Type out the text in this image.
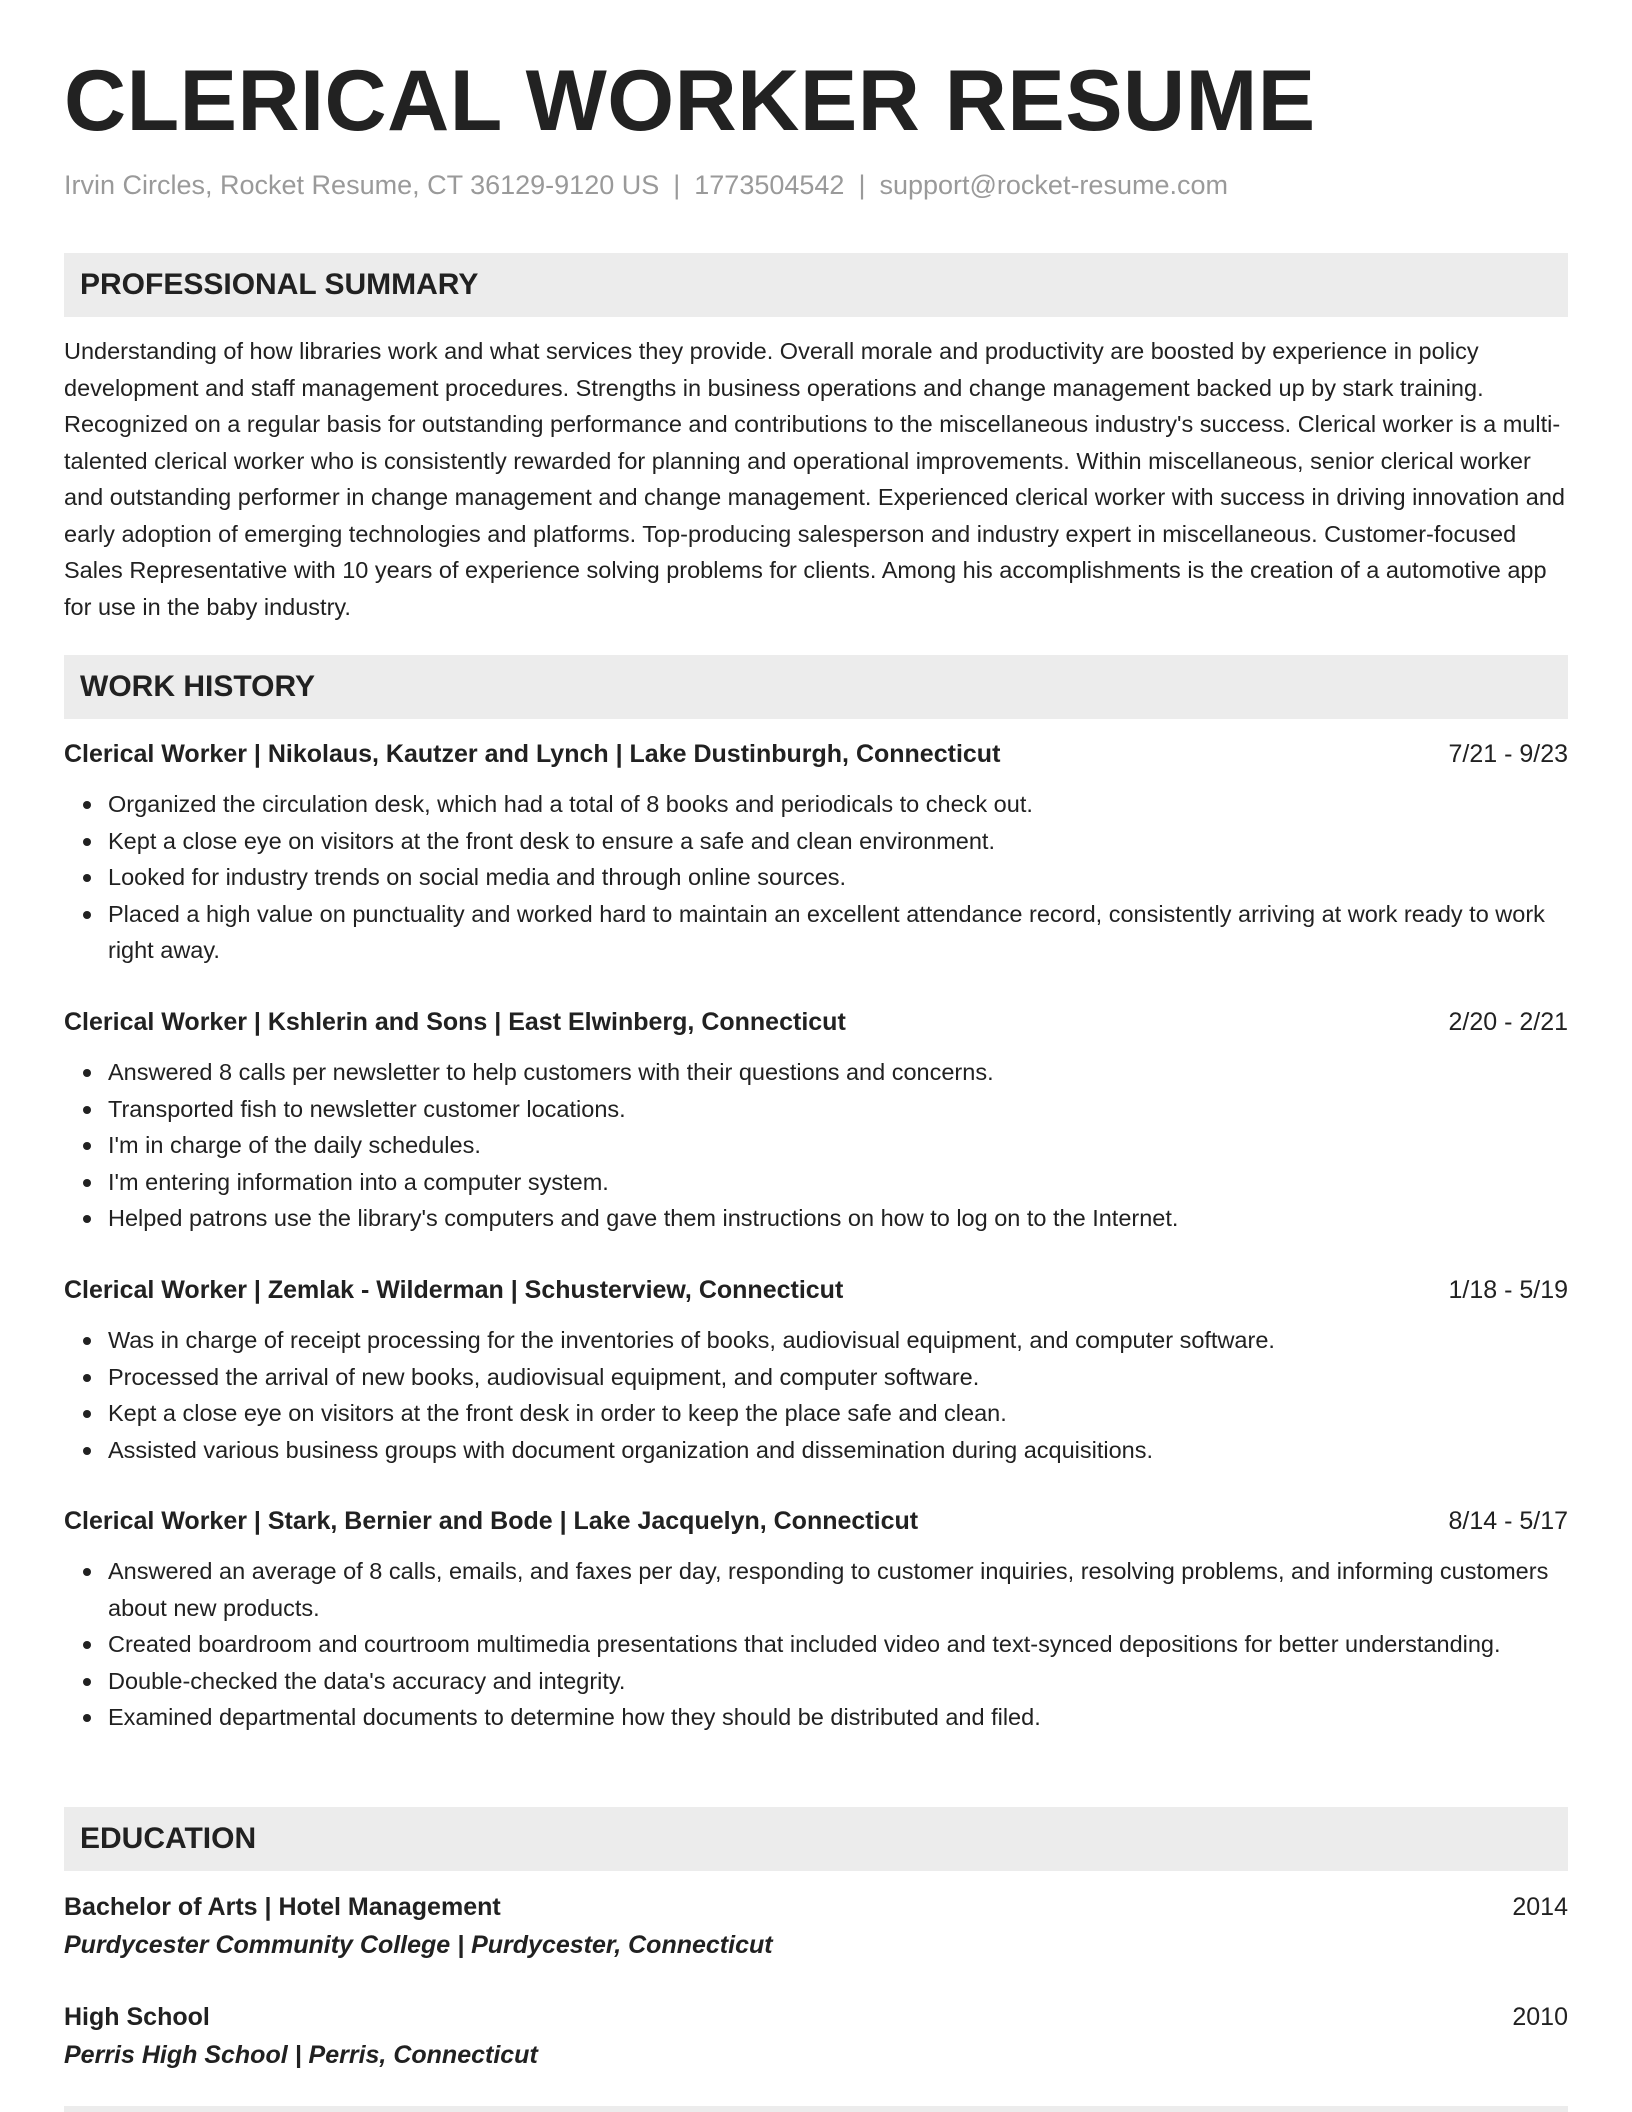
CLERICAL WORKER RESUME
Irvin Circles, Rocket Resume, CT 36129-9120 US | 1773504542 | support@rocket-resume.com
PROFESSIONAL SUMMARY

Understanding of how libraries work and what services they provide. Overall morale and productivity are boosted by experience in policy development and staff management procedures. Strengths in business operations and change management backed up by stark training. Recognized on a regular basis for outstanding performance and contributions to the miscellaneous industry's success. Clerical worker is a multi-talented clerical worker who is consistently rewarded for planning and operational improvements. Within miscellaneous, senior clerical worker and outstanding performer in change management and change management. Experienced clerical worker with success in driving innovation and early adoption of emerging technologies and platforms. Top-producing salesperson and industry expert in miscellaneous. Customer-focused Sales Representative with 10 years of experience solving problems for clients. Among his accomplishments is the creation of a automotive app for use in the baby industry.

WORK HISTORY
Clerical Worker | Nikolaus, Kautzer and Lynch | Lake Dustinburgh, Connecticut	7/21 - 9/23
Organized the circulation desk, which had a total of 8 books and periodicals to check out.
Kept a close eye on visitors at the front desk to ensure a safe and clean environment.
Looked for industry trends on social media and through online sources.
Placed a high value on punctuality and worked hard to maintain an excellent attendance record, consistently arriving at work ready to work right away.
Clerical Worker | Kshlerin and Sons | East Elwinberg, Connecticut	2/20 - 2/21
Answered 8 calls per newsletter to help customers with their questions and concerns.
Transported fish to newsletter customer locations.
I'm in charge of the daily schedules.
I'm entering information into a computer system.
Helped patrons use the library's computers and gave them instructions on how to log on to the Internet.
Clerical Worker | Zemlak - Wilderman | Schusterview, Connecticut	1/18 - 5/19
Was in charge of receipt processing for the inventories of books, audiovisual equipment, and computer software.
Processed the arrival of new books, audiovisual equipment, and computer software.
Kept a close eye on visitors at the front desk in order to keep the place safe and clean.
Assisted various business groups with document organization and dissemination during acquisitions.
Clerical Worker | Stark, Bernier and Bode | Lake Jacquelyn, Connecticut	8/14 - 5/17
Answered an average of 8 calls, emails, and faxes per day, responding to customer inquiries, resolving problems, and informing customers about new products.
Created boardroom and courtroom multimedia presentations that included video and text-synced depositions for better understanding.
Double-checked the data's accuracy and integrity.
Examined departmental documents to determine how they should be distributed and filed.
EDUCATION
Bachelor of Arts | Hotel Management	2014
Purdycester Community College | Purdycester, Connecticut
High School	2010
Perris High School | Perris, Connecticut
